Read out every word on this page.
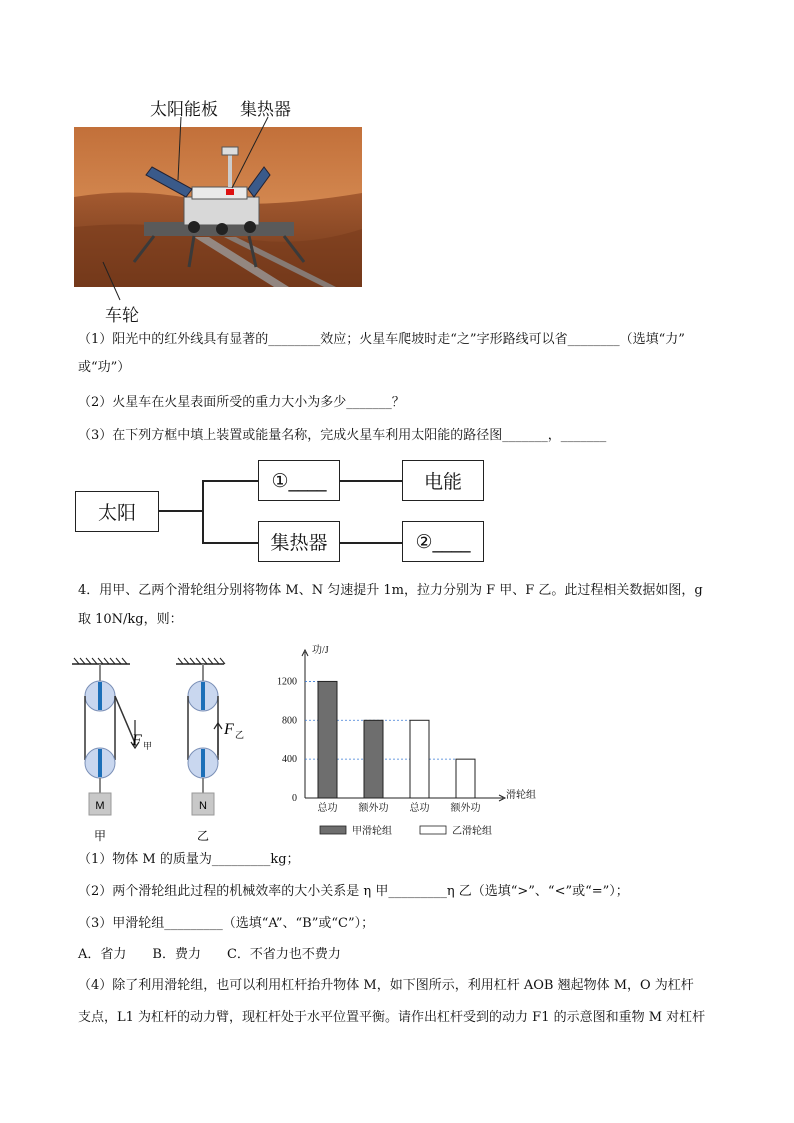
太阳能板 集热器
车轮
（1）阳光中的红外线具有显著的________效应；火星车爬坡时走“之”字形路线可以省________（选填“力”
或“功”）
（2）火星车在火星表面所受的重力大小为多少_______？
（3）在下列方框中填上装置或能量名称，完成火星车利用太阳能的路径图_______，_______
太阳
①____	电能
集热器	②____
4．用甲、乙两个滑轮组分别将物体 M、N 匀速提升 1m，拉力分别为 F 甲、F 乙。此过程相关数据如图，g
取 10N/kg，则：
F 甲
M
甲
F 乙
N
乙
功/J
滑轮组
0
400
800
1200
总功 额外功 总功 额外功
甲滑轮组	乙滑轮组
（1）物体 M 的质量为_________kg；
（2）两个滑轮组此过程的机械效率的大小关系是 η 甲_________η 乙（选填“>”、“<”或“=”）；
（3）甲滑轮组_________（选填“A”、“B”或“C”）；
A．省力　　B．费力　　C．不省力也不费力
（4）除了利用滑轮组，也可以利用杠杆抬升物体 M，如下图所示，利用杠杆 AOB 翘起物体 M，O 为杠杆
支点，L1 为杠杆的动力臂，现杠杆处于水平位置平衡。请作出杠杆受到的动力 F1 的示意图和重物 M 对杠杆
